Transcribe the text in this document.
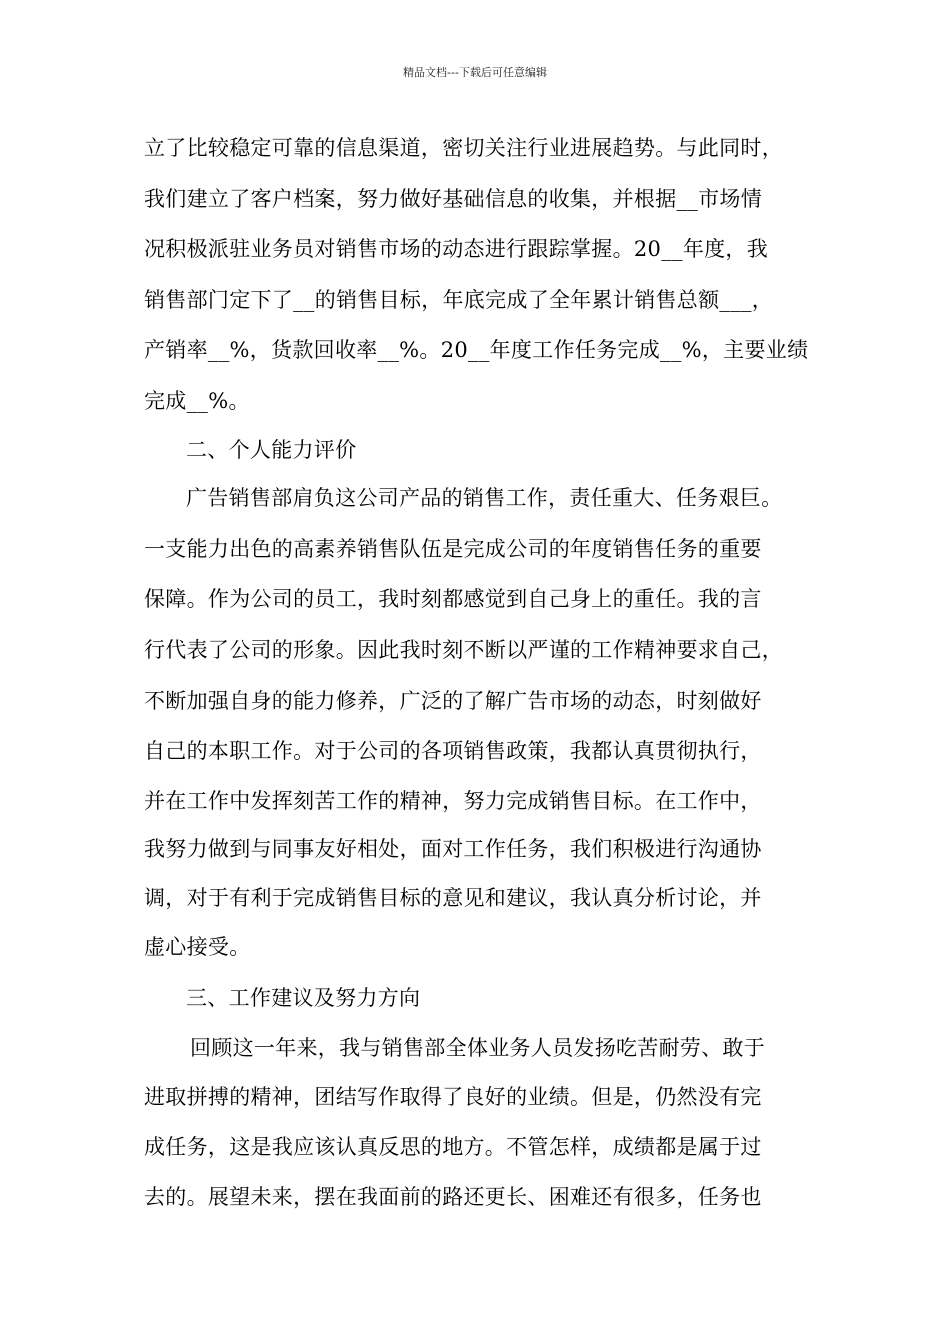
精品文档---下载后可任意编辑
立了比较稳定可靠的信息渠道，密切关注行业进展趋势。与此同时，
我们建立了客户档案，努力做好基础信息的收集，并根据__市场情
况积极派驻业务员对销售市场的动态进行跟踪掌握。20__年度，我
销售部门定下了__的销售目标，年底完成了全年累计销售总额___，
产销率__%，货款回收率__%。20__年度工作任务完成__%，主要业绩
完成__%。
二、个人能力评价
广告销售部肩负这公司产品的销售工作，责任重大、任务艰巨。
一支能力出色的高素养销售队伍是完成公司的年度销售任务的重要
保障。作为公司的员工，我时刻都感觉到自己身上的重任。我的言
行代表了公司的形象。因此我时刻不断以严谨的工作精神要求自己，
不断加强自身的能力修养，广泛的了解广告市场的动态，时刻做好
自己的本职工作。对于公司的各项销售政策，我都认真贯彻执行，
并在工作中发挥刻苦工作的精神，努力完成销售目标。在工作中，
我努力做到与同事友好相处，面对工作任务，我们积极进行沟通协
调，对于有利于完成销售目标的意见和建议，我认真分析讨论，并
虚心接受。
三、工作建议及努力方向
回顾这一年来，我与销售部全体业务人员发扬吃苦耐劳、敢于
进取拼搏的精神，团结写作取得了良好的业绩。但是，仍然没有完
成任务，这是我应该认真反思的地方。不管怎样，成绩都是属于过
去的。展望未来，摆在我面前的路还更长、困难还有很多，任务也
